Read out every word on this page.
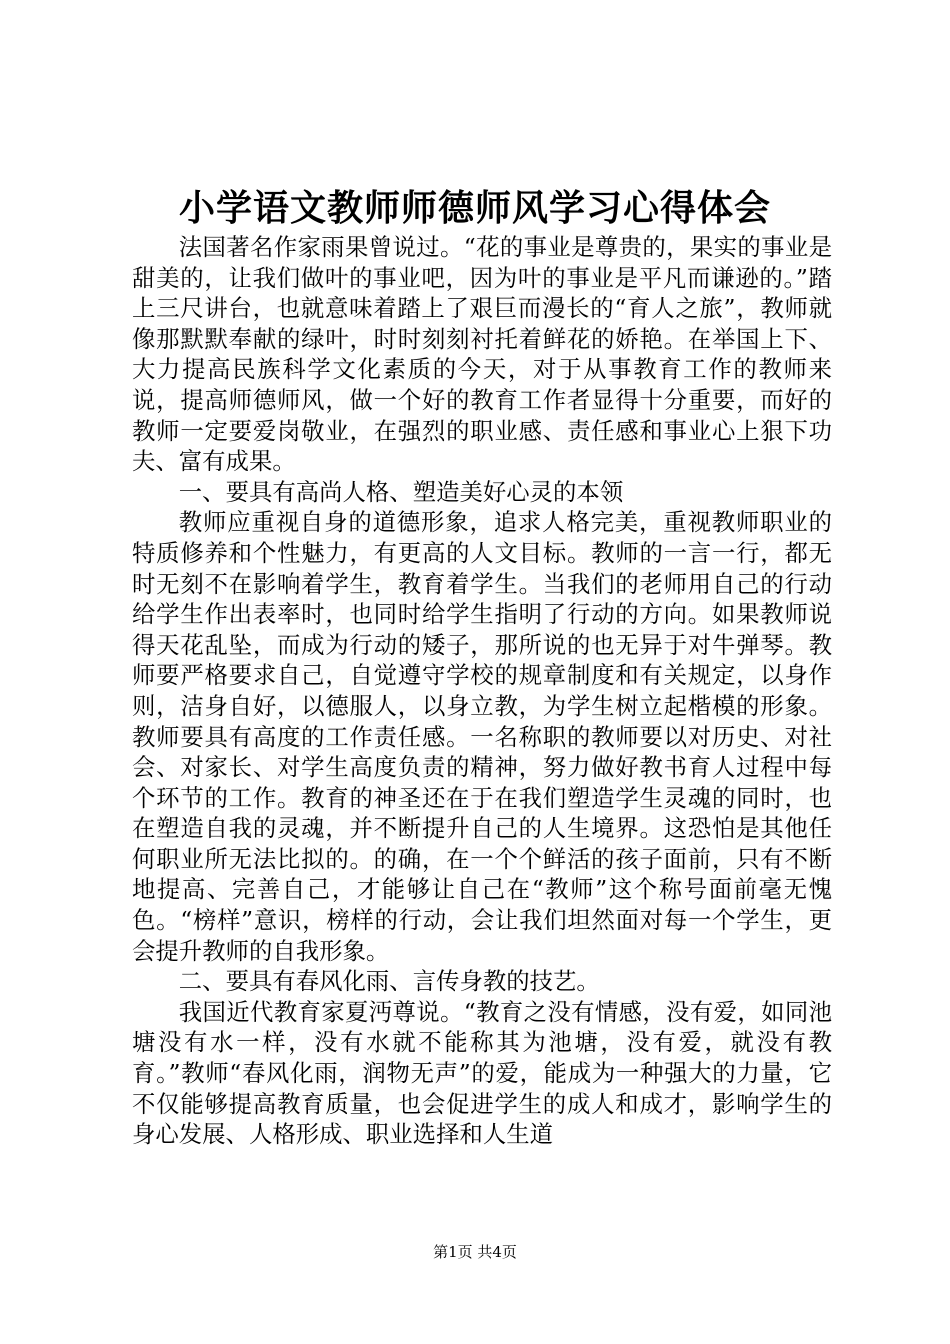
小学语文教师师德师风学习心得体会

法国著名作家雨果曾说过。“花的事业是尊贵的，果实的事业是甜美的，让我们做叶的事业吧，因为叶的事业是平凡而谦逊的。”踏上三尺讲台，也就意味着踏上了艰巨而漫长的“育人之旅”，教师就像那默默奉献的绿叶，时时刻刻衬托着鲜花的娇艳。在举国上下、大力提高民族科学文化素质的今天，对于从事教育工作的教师来说，提高师德师风，做一个好的教育工作者显得十分重要，而好的教师一定要爱岗敬业，在强烈的职业感、责任感和事业心上狠下功夫、富有成果。

一、要具有高尚人格、塑造美好心灵的本领

教师应重视自身的道德形象，追求人格完美，重视教师职业的特质修养和个性魅力，有更高的人文目标。教师的一言一行，都无时无刻不在影响着学生，教育着学生。当我们的老师用自己的行动给学生作出表率时，也同时给学生指明了行动的方向。如果教师说得天花乱坠，而成为行动的矮子，那所说的也无异于对牛弹琴。教师要严格要求自己，自觉遵守学校的规章制度和有关规定，以身作则，洁身自好，以德服人，以身立教，为学生树立起楷模的形象。教师要具有高度的工作责任感。一名称职的教师要以对历史、对社会、对家长、对学生高度负责的精神，努力做好教书育人过程中每个环节的工作。教育的神圣还在于在我们塑造学生灵魂的同时，也在塑造自我的灵魂，并不断提升自己的人生境界。这恐怕是其他任何职业所无法比拟的。的确，在一个个鲜活的孩子面前，只有不断地提高、完善自己，才能够让自己在“教师”这个称号面前毫无愧色。“榜样”意识，榜样的行动，会让我们坦然面对每一个学生，更会提升教师的自我形象。

二、要具有春风化雨、言传身教的技艺。

我国近代教育家夏沔尊说。“教育之没有情感，没有爱，如同池塘没有水一样，没有水就不能称其为池塘，没有爱，就没有教育。”教师“春风化雨，润物无声”的爱，能成为一种强大的力量，它不仅能够提高教育质量，也会促进学生的成人和成才，影响学生的身心发展、人格形成、职业选择和人生道

第1页 共4页
